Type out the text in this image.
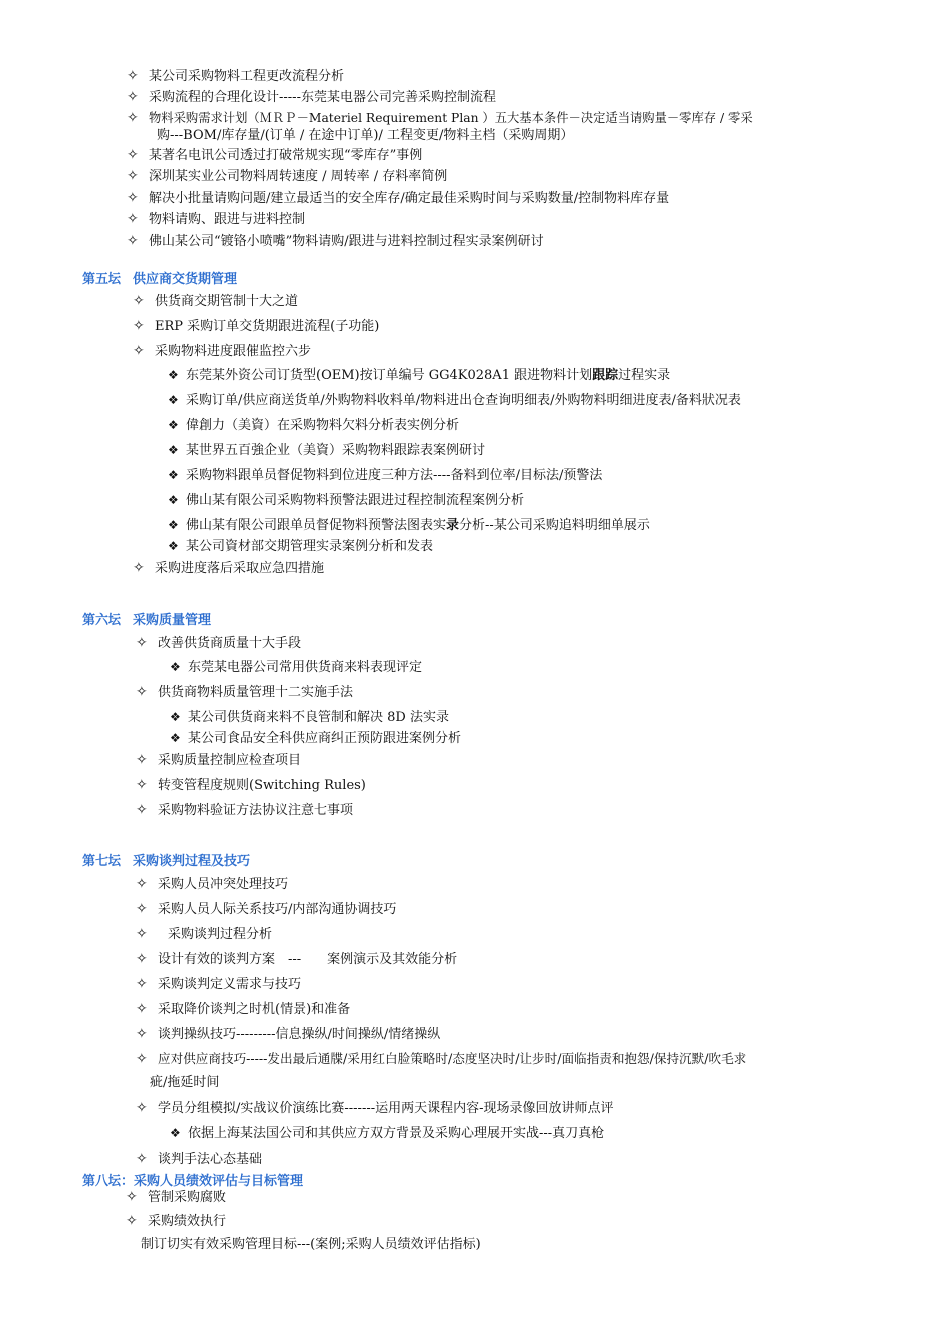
✧ 某公司采购物料工程更改流程分析
✧ 采购流程的合理化设计-----东莞某电器公司完善采购控制流程
✧ 物料采购需求计划（ＭＲＰ－Materiel Requirement Plan ）五大基本条件－决定适当请购量－零库存 / 零采
购---BOM/库存量/(订单 / 在途中订单)/ 工程变更/物料主档（采购周期）
✧ 某著名电讯公司透过打破常规实现“零库存”事例
✧ 深圳某实业公司物料周转速度 / 周转率 / 存料率简例
✧ 解决小批量请购问题/建立最适当的安全库存/确定最佳采购时间与采购数量/控制物料库存量
✧ 物料请购、跟进与进料控制
✧ 佛山某公司“镀铬小喷嘴”物料请购/跟进与进料控制过程实录案例研讨
第五坛 供应商交货期管理
✧ 供货商交期管制十大之道
✧ ERP 采购订单交货期跟进流程(子功能)
✧ 采购物料进度跟催监控六步
❖ 东莞某外资公司订货型(OEM)按订单编号 GG4K028A1 跟进物料计划跟踪过程实录
❖ 采购订单/供应商送货单/外购物料收料单/物料进出仓查询明细表/外购物料明细进度表/备料狀况表
❖ 偉創力（美資）在采购物料欠料分析表实例分析
❖ 某世界五百強企业（美資）采购物料跟踪表案例研讨
❖ 采购物料跟单员督促物料到位进度三种方法----备料到位率/目标法/预警法
❖ 佛山某有限公司采购物料预警法跟进过程控制流程案例分析
❖ 佛山某有限公司跟单员督促物料预警法图表实录分析--某公司采购追料明细单展示
❖ 某公司資材部交期管理实录案例分析和发表
✧ 采购进度落后采取应急四措施
第六坛 采购质量管理
✧ 改善供货商质量十大手段
❖ 东莞某电器公司常用供货商来料表现评定
✧ 供货商物料质量管理十二实施手法
❖ 某公司供货商来料不良管制和解决 8D 法实录
❖ 某公司食品安全科供应商纠正预防跟进案例分析
✧ 采购质量控制应检查项目
✧ 转变管程度规则(Switching Rules)
✧ 采购物料验证方法协议注意七事项
第七坛 采购谈判过程及技巧
✧ 采购人员冲突处理技巧
✧ 采购人员人际关系技巧/内部沟通协调技巧
✧ 采购谈判过程分析
✧ 设计有效的谈判方案　---　　案例演示及其效能分析
✧ 采购谈判定义需求与技巧
✧ 采取降价谈判之时机(情景)和准备
✧ 谈判操纵技巧---------信息操纵/时间操纵/情绪操纵
✧ 应对供应商技巧-----发出最后通牒/采用红白脸策略时/态度坚决时/让步时/面临指责和抱怨/保持沉默/吹毛求
疵/拖延时间
✧ 学员分组模拟/实战议价演练比赛-------运用两天课程内容-现场录像回放讲师点评
❖ 依据上海某法国公司和其供应方双方背景及采购心理展开实战---真刀真枪
✧ 谈判手法心态基础
第八坛：采购人员绩效评估与目标管理
✧ 管制采购腐败
✧ 采购绩效执行
制订切实有效采购管理目标---(案例;采购人员绩效评估指标)
